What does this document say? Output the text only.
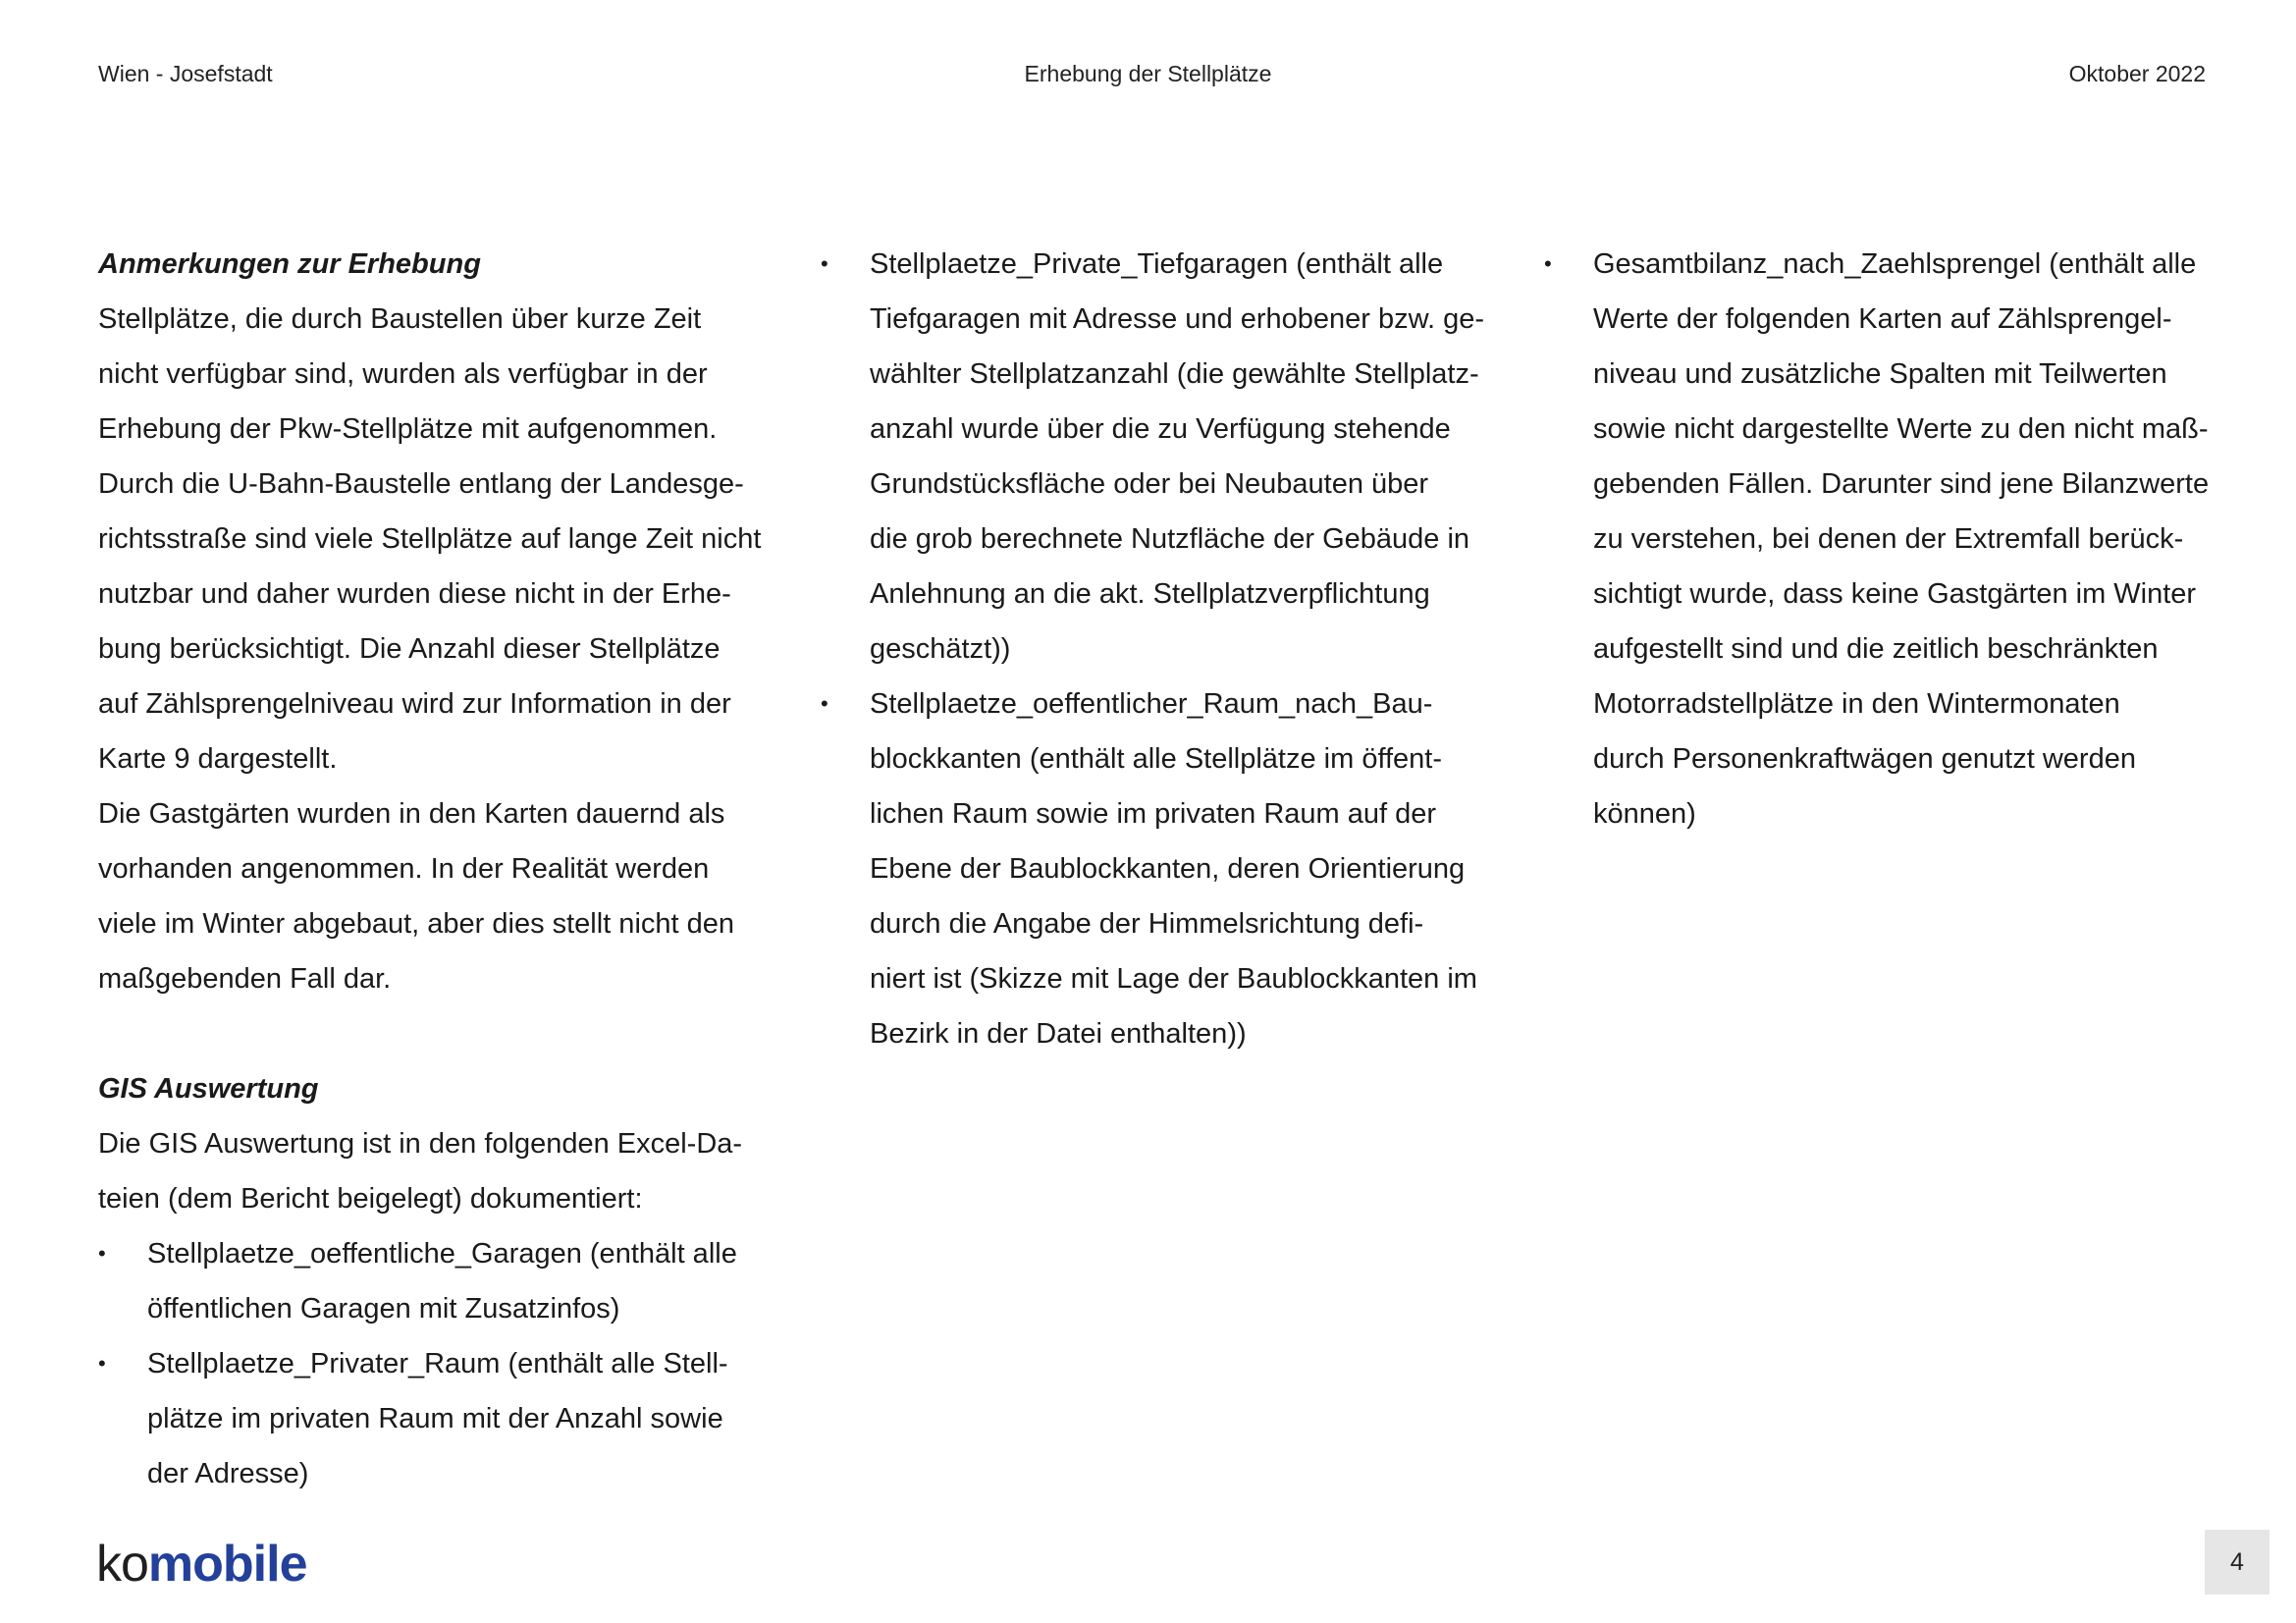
Wien - Josefstadt	Erhebung der Stellplätze	Oktober 2022
Anmerkungen zur Erhebung
Stellplätze, die durch Baustellen über kurze Zeit
nicht verfügbar sind, wurden als verfügbar in der
Erhebung der Pkw-Stellplätze mit aufgenommen.
Durch die U-Bahn-Baustelle entlang der Landesge-
richtsstraße sind viele Stellplätze auf lange Zeit nicht
nutzbar und daher wurden diese nicht in der Erhe-
bung berücksichtigt. Die Anzahl dieser Stellplätze
auf Zählsprengelniveau wird zur Information in der
Karte 9 dargestellt.
Die Gastgärten wurden in den Karten dauernd als
vorhanden angenommen. In der Realität werden
viele im Winter abgebaut, aber dies stellt nicht den
maßgebenden Fall dar.
GIS Auswertung
Die GIS Auswertung ist in den folgenden Excel-Da-
teien (dem Bericht beigelegt) dokumentiert:
• Stellplaetze_oeffentliche_Garagen (enthält alle
öffentlichen Garagen mit Zusatzinfos)
• Stellplaetze_Privater_Raum (enthält alle Stell-
plätze im privaten Raum mit der Anzahl sowie
der Adresse)
• Stellplaetze_Private_Tiefgaragen (enthält alle
Tiefgaragen mit Adresse und erhobener bzw. ge-
wählter Stellplatzanzahl (die gewählte Stellplatz-
anzahl wurde über die zu Verfügung stehende
Grundstücksfläche oder bei Neubauten über
die grob berechnete Nutzfläche der Gebäude in
Anlehnung an die akt. Stellplatzverpflichtung
geschätzt))
• Stellplaetze_oeffentlicher_Raum_nach_Bau-
blockkanten (enthält alle Stellplätze im öffent-
lichen Raum sowie im privaten Raum auf der
Ebene der Baublockkanten, deren Orientierung
durch die Angabe der Himmelsrichtung defi-
niert ist (Skizze mit Lage der Baublockkanten im
Bezirk in der Datei enthalten))
• Gesamtbilanz_nach_Zaehlsprengel (enthält alle
Werte der folgenden Karten auf Zählsprengel-
niveau und zusätzliche Spalten mit Teilwerten
sowie nicht dargestellte Werte zu den nicht maß-
gebenden Fällen. Darunter sind jene Bilanzwerte
zu verstehen, bei denen der Extremfall berück-
sichtigt wurde, dass keine Gastgärten im Winter
aufgestellt sind und die zeitlich beschränkten
Motorradstellplätze in den Wintermonaten
durch Personenkraftwägen genutzt werden
können)
komobile	4
